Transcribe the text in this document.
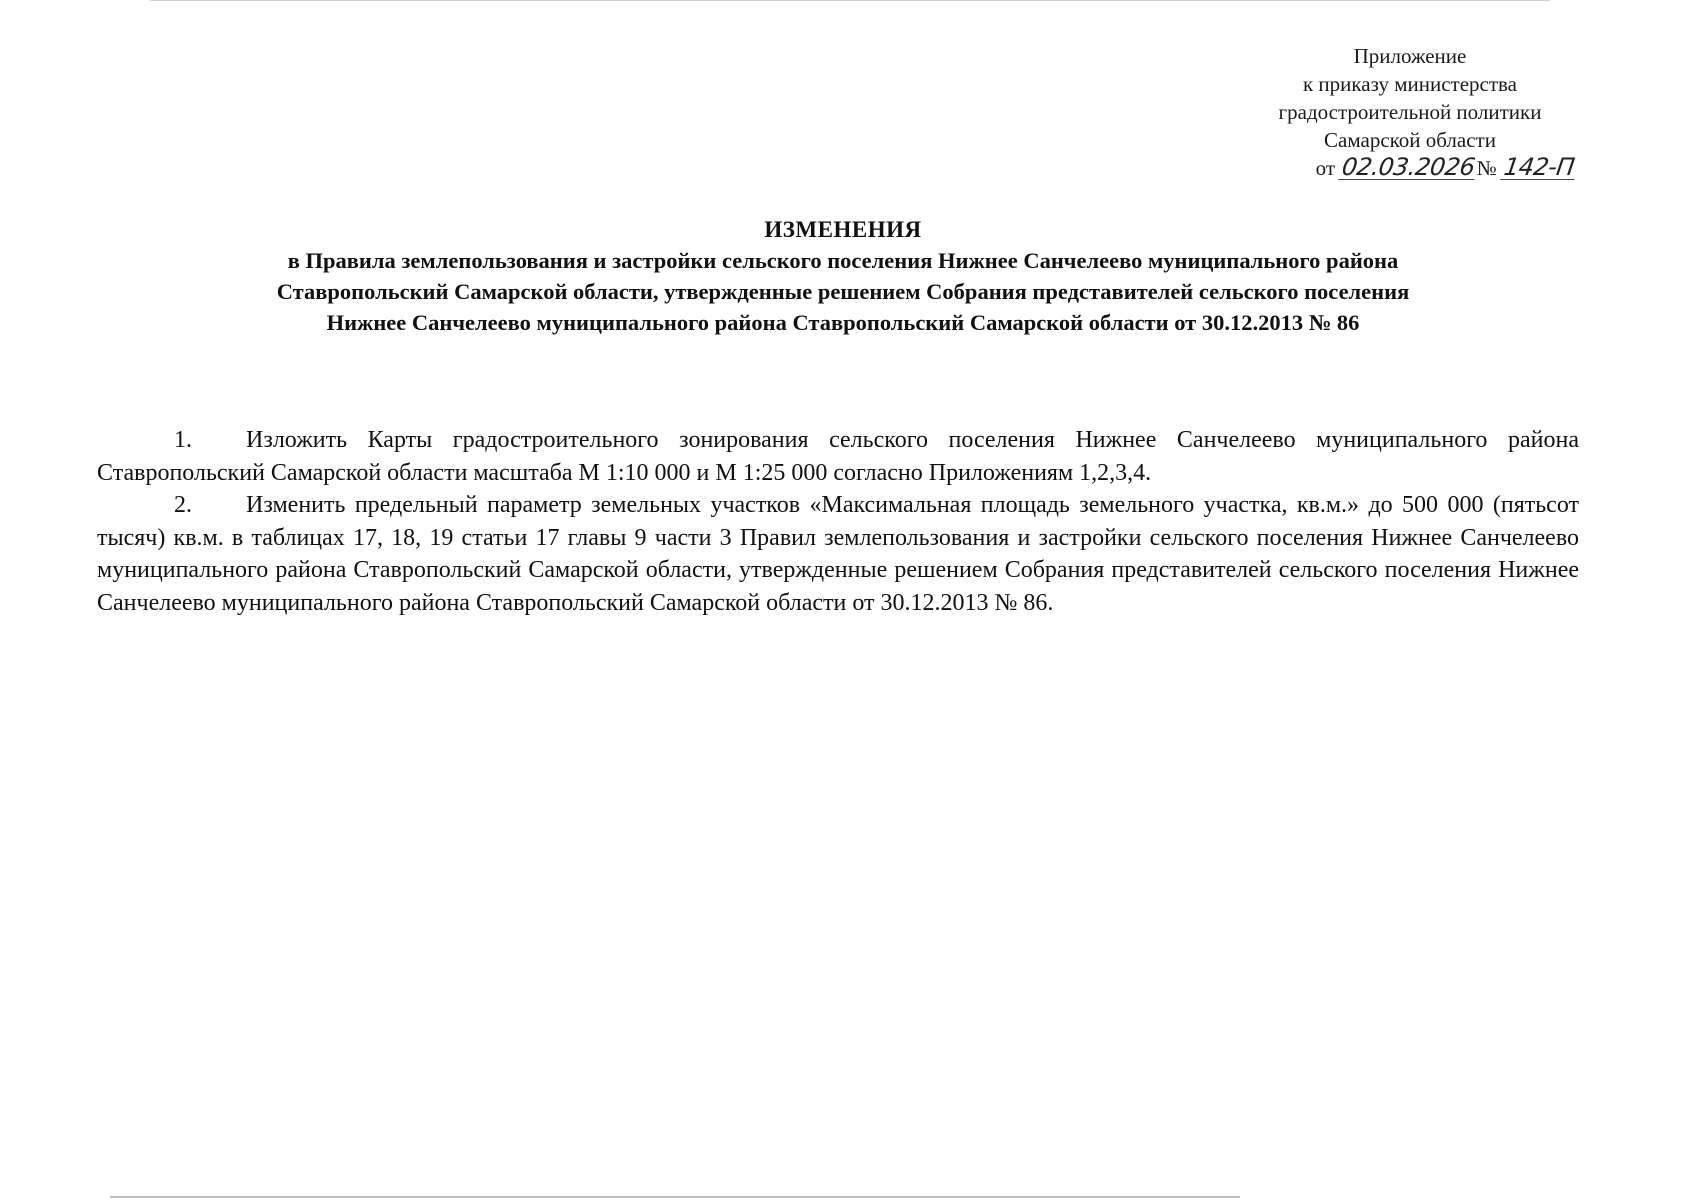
Приложение
к приказу министерства
градостроительной политики
Самарской области
от 02.03.2026№ 142-П
ИЗМЕНЕНИЯ
в Правила землепользования и застройки сельского поселения Нижнее Санчелеево муниципального района
Ставропольский Самарской области, утвержденные решением Собрания представителей сельского поселения
Нижнее Санчелеево муниципального района Ставропольский Самарской области от 30.12.2013 № 86

1. Изложить Карты градостроительного зонирования сельского поселения Нижнее Санчелеево муниципального района Ставропольский Самарской области масштаба М 1:10 000 и М 1:25 000 согласно Приложениям 1,2,3,4.

2. Изменить предельный параметр земельных участков «Максимальная площадь земельного участка, кв.м.» до 500 000 (пятьсот тысяч) кв.м. в таблицах 17, 18, 19 статьи 17 главы 9 части 3 Правил землепользования и застройки сельского поселения Нижнее Санчелеево муниципального района Ставропольский Самарской области, утвержденные решением Собрания представителей сельского поселения Нижнее Санчелеево муниципального района Ставропольский Самарской области от 30.12.2013 № 86.
